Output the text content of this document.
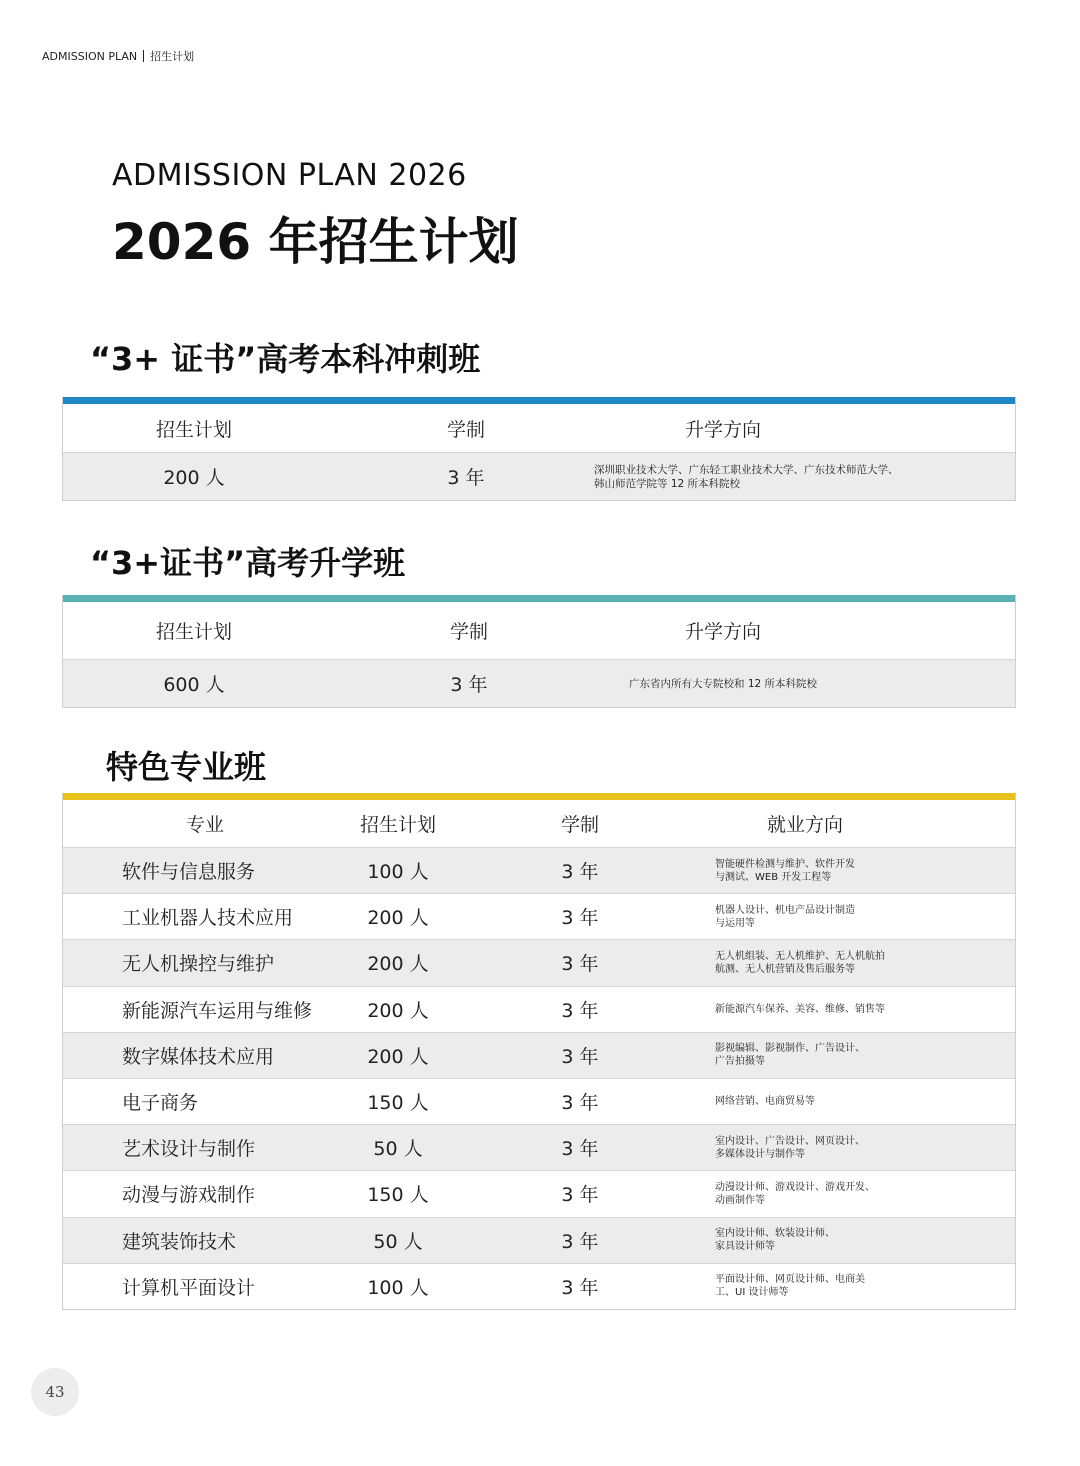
ADMISSION PLAN 招生计划
ADMISSION PLAN 2026
2026 年招生计划
“3+ 证书”高考本科冲刺班
招生计划	学制	升学方向
200 人	3 年	深圳职业技术大学、广东轻工职业技术大学、广东技术师范大学、
韩山师范学院等 12 所本科院校
“3+证书”高考升学班
招生计划	学制	升学方向
600 人	3 年	广东省内所有大专院校和 12 所本科院校
特色专业班
专业	招生计划	学制	就业方向
软件与信息服务	100 人	3 年	智能硬件检测与维护、软件开发
与测试、WEB 开发工程等
工业机器人技术应用	200 人	3 年	机器人设计、机电产品设计制造
与运用等
无人机操控与维护	200 人	3 年	无人机组装、无人机维护、无人机航拍
航测、无人机营销及售后服务等
新能源汽车运用与维修	200 人	3 年	新能源汽车保养、美容、维修、销售等
数字媒体技术应用	200 人	3 年	影视编辑、影视制作、广告设计、
广告拍摄等
电子商务	150 人	3 年	网络营销、电商贸易等
艺术设计与制作	50 人	3 年	室内设计、广告设计、网页设计、
多媒体设计与制作等
动漫与游戏制作	150 人	3 年	动漫设计师、游戏设计、游戏开发、
动画制作等
建筑装饰技术	50 人	3 年	室内设计师、软装设计师、
家具设计师等
计算机平面设计	100 人	3 年	平面设计师、网页设计师、电商美
工、UI 设计师等
43
